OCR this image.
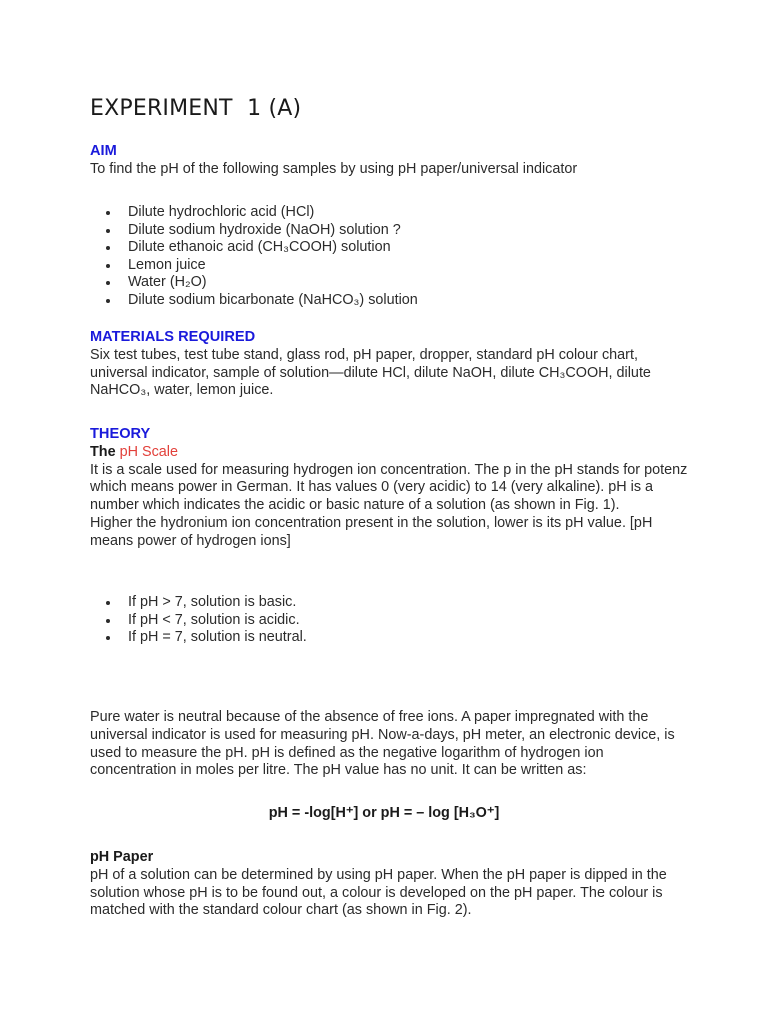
EXPERIMENT  1 (A)

AIM

To find the pH of the following samples by using pH paper/universal indicator

Dilute hydrochloric acid (HCl)
Dilute sodium hydroxide (NaOH) solution ?
Dilute ethanoic acid (CH₃COOH) solution
Lemon juice
Water (H₂O)
Dilute sodium bicarbonate (NaHCO₃) solution

MATERIALS REQUIRED

Six test tubes, test tube stand, glass rod, pH paper, dropper, standard pH colour chart, universal indicator, sample of solution—dilute HCl, dilute NaOH, dilute CH₃COOH, dilute NaHCO₃, water, lemon juice.

THEORY

The pH Scale

It is a scale used for measuring hydrogen ion concentration. The p in the pH stands for potenz which means power in German. It has values 0 (very acidic) to 14 (very alkaline). pH is a number which indicates the acidic or basic nature of a solution (as shown in Fig. 1).

Higher the hydronium ion concentration present in the solution, lower is its pH value. [pH means power of hydrogen ions]

If pH > 7, solution is basic.
If pH < 7, solution is acidic.
If pH = 7, solution is neutral.

Pure water is neutral because of the absence of free ions. A paper impregnated with the universal indicator is used for measuring pH. Now-a-days, pH meter, an electronic device, is used to measure the pH. pH is defined as the negative logarithm of hydrogen ion concentration in moles per litre. The pH value has no unit. It can be written as:

pH = -log[H⁺] or pH = – log [H₃O⁺]

pH Paper

pH of a solution can be determined by using pH paper. When the pH paper is dipped in the solution whose pH is to be found out, a colour is developed on the pH paper. The colour is matched with the standard colour chart (as shown in Fig. 2).
